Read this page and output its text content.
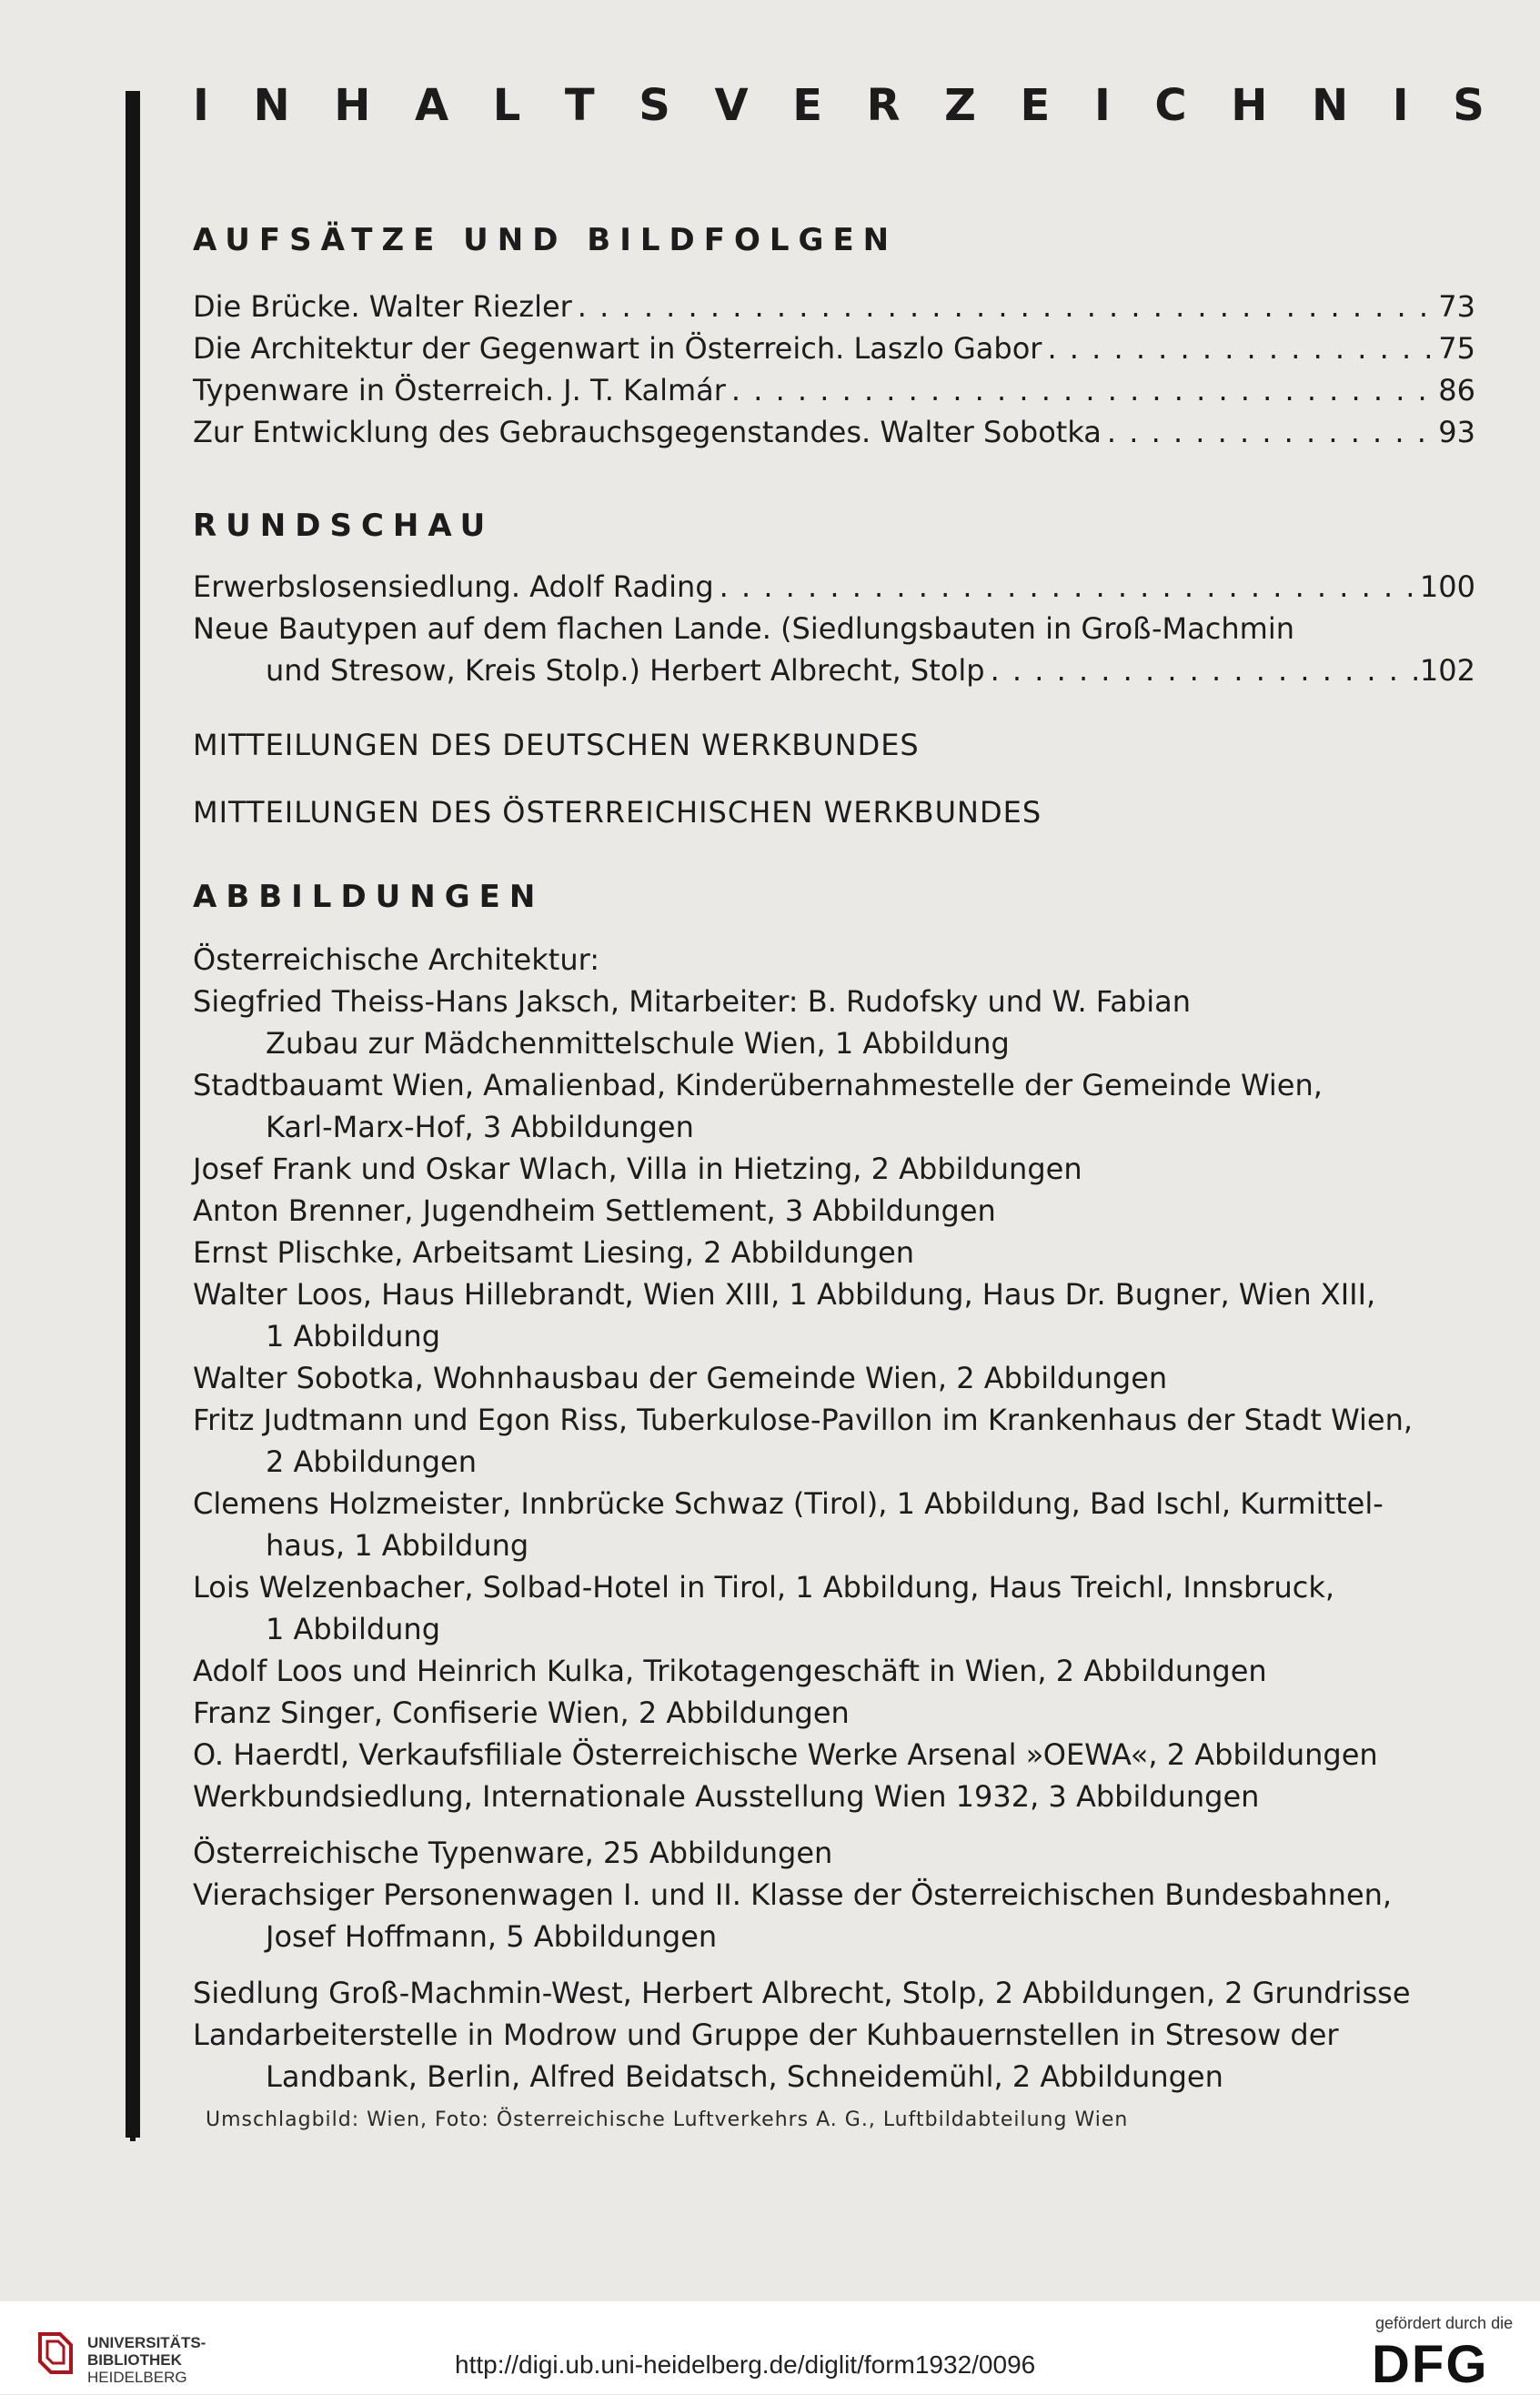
I N H A L T S V E R Z E I C H N I S
AUFSÄTZE UND BILDFOLGEN
Die Brücke. Walter Riezler . . .	73
Die Architektur der Gegenwart in Österreich. Laszlo Gabor . . .	75
Typenware in Österreich. J. T. Kalmár . . .	86
Zur Entwicklung des Gebrauchsgegenstandes. Walter Sobotka . . .	93
RUNDSCHAU
Erwerbslosensiedlung. Adolf Rading . . .	100
Neue Bautypen auf dem flachen Lande. (Siedlungsbauten in Groß-Machmin
und Stresow, Kreis Stolp.) Herbert Albrecht, Stolp . . .	102
MITTEILUNGEN DES DEUTSCHEN WERKBUNDES
MITTEILUNGEN DES ÖSTERREICHISCHEN WERKBUNDES
ABBILDUNGEN
Österreichische Architektur:
Siegfried Theiss-Hans Jaksch, Mitarbeiter: B. Rudofsky und W. Fabian
Zubau zur Mädchenmittelschule Wien, 1 Abbildung
Stadtbauamt Wien, Amalienbad, Kinderübernahmestelle der Gemeinde Wien,
Karl-Marx-Hof, 3 Abbildungen
Josef Frank und Oskar Wlach, Villa in Hietzing, 2 Abbildungen
Anton Brenner, Jugendheim Settlement, 3 Abbildungen
Ernst Plischke, Arbeitsamt Liesing, 2 Abbildungen
Walter Loos, Haus Hillebrandt, Wien XIII, 1 Abbildung, Haus Dr. Bugner, Wien XIII,
1 Abbildung
Walter Sobotka, Wohnhausbau der Gemeinde Wien, 2 Abbildungen
Fritz Judtmann und Egon Riss, Tuberkulose-Pavillon im Krankenhaus der Stadt Wien,
2 Abbildungen
Clemens Holzmeister, Innbrücke Schwaz (Tirol), 1 Abbildung, Bad Ischl, Kurmittel-
haus, 1 Abbildung
Lois Welzenbacher, Solbad-Hotel in Tirol, 1 Abbildung, Haus Treichl, Innsbruck,
1 Abbildung
Adolf Loos und Heinrich Kulka, Trikotagengeschäft in Wien, 2 Abbildungen
Franz Singer, Confiserie Wien, 2 Abbildungen
O. Haerdtl, Verkaufsfiliale Österreichische Werke Arsenal »OEWA«, 2 Abbildungen
Werkbundsiedlung, Internationale Ausstellung Wien 1932, 3 Abbildungen
Österreichische Typenware, 25 Abbildungen
Vierachsiger Personenwagen I. und II. Klasse der Österreichischen Bundesbahnen,
Josef Hoffmann, 5 Abbildungen
Siedlung Groß-Machmin-West, Herbert Albrecht, Stolp, 2 Abbildungen, 2 Grundrisse
Landarbeiterstelle in Modrow und Gruppe der Kuhbauernstellen in Stresow der
Landbank, Berlin, Alfred Beidatsch, Schneidemühl, 2 Abbildungen
Umschlagbild: Wien, Foto: Österreichische Luftverkehrs A. G., Luftbildabteilung Wien
UNIVERSITÄTS-
BIBLIOTHEK
HEIDELBERG	http://digi.ub.uni-heidelberg.de/diglit/form1932/0096
gefördert durch die
DFG
